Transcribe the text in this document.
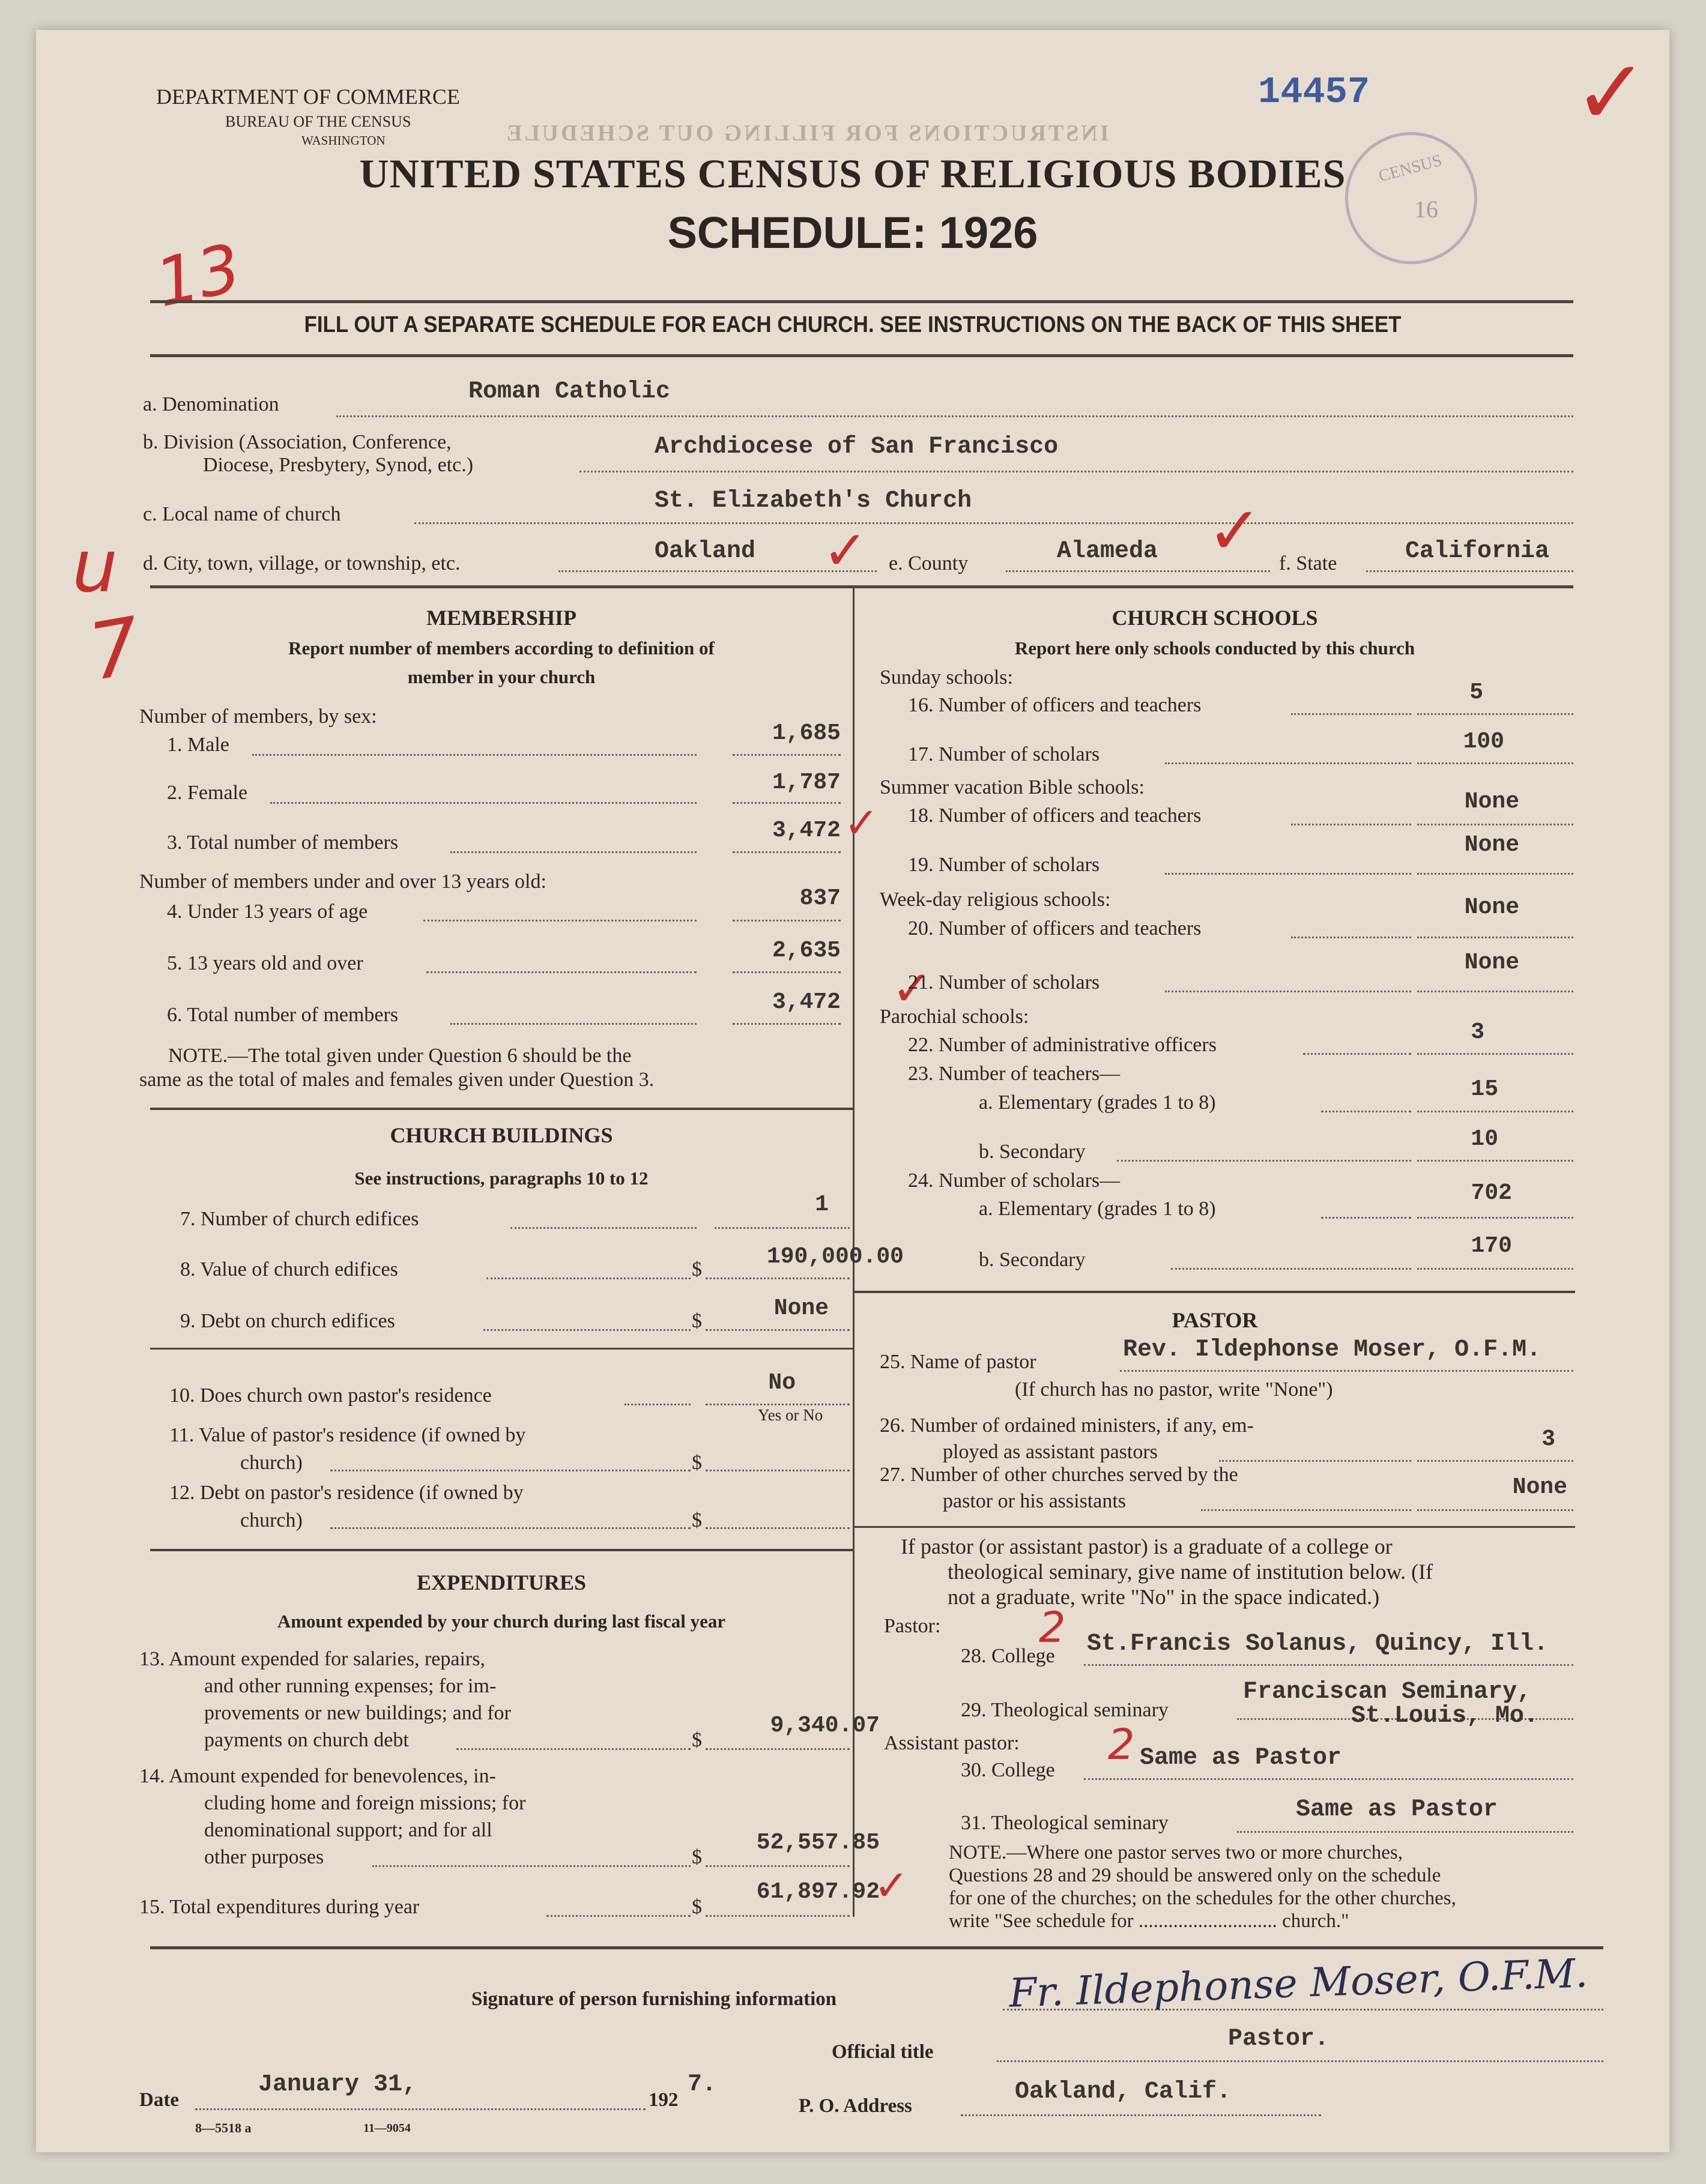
INSTRUCTIONS FOR FILLING OUT SCHEDULE
DEPARTMENT OF COMMERCE
BUREAU OF THE CENSUS
WASHINGTON
14457
CENSUS
16
✓
UNITED STATES CENSUS OF RELIGIOUS BODIES
SCHEDULE: 1926
13
FILL OUT A SEPARATE SCHEDULE FOR EACH CHURCH. SEE INSTRUCTIONS ON THE BACK OF THIS SHEET
a. Denomination	Roman Catholic
b. Division (Association, Conference,
Diocese, Presbytery, Synod, etc.)
Archdiocese of San Francisco
c. Local name of church	St. Elizabeth's Church
d. City, town, village, or township, etc.	Oakland ✓ e. County	Alameda ✓ f. State	California
u
7	MEMBERSHIP
Report number of members according to definition of
member in your church
Number of members, by sex:
1. Male	1,685
2. Female	1,787
3. Total number of members	3,472 ✓
Number of members under and over 13 years old:
4. Under 13 years of age
837
5. 13 years old and over	2,635
6. Total number of members	3,472 ✓
NOTE.—The total given under Question 6 should be the
same as the total of males and females given under Question 3.
CHURCH BUILDINGS
See instructions, paragraphs 10 to 12
7. Number of church edifices
1
8. Value of church edifices	$	190,000.00
9. Debt on church edifices	$	None
10. Does church own pastor's residence	No
Yes or No
11. Value of pastor's residence (if owned by
church)	$
12. Debt on pastor's residence (if owned by
church)	$
EXPENDITURES
Amount expended by your church during last fiscal year
13. Amount expended for salaries, repairs,
and other running expenses; for im-
provements or new buildings; and for
payments on church debt	$
9,340.07
14. Amount expended for benevolences, in-
cluding home and foreign missions; for
denominational support; and for all
other purposes	$
52,557.85
15. Total expenditures during year	$
61,897.92
✓
CHURCH SCHOOLS
Report here only schools conducted by this church
Sunday schools:
16. Number of officers and teachers	5
17. Number of scholars	100
Summer vacation Bible schools:
18. Number of officers and teachers
None
19. Number of scholars
None
Week-day religious schools:
20. Number of officers and teachers
None
21. Number of scholars
None
Parochial schools:
22. Number of administrative officers	3
23. Number of teachers—
a. Elementary (grades 1 to 8)
15
b. Secondary	10
24. Number of scholars—
a. Elementary (grades 1 to 8)
702
b. Secondary
170
PASTOR
25. Name of pastor	Rev. Ildephonse Moser, O.F.M.
(If church has no pastor, write "None")
26. Number of ordained ministers, if any, em-
ployed as assistant pastors	3
27. Number of other churches served by the
pastor or his assistants
None
If pastor (or assistant pastor) is a graduate of a college or
theological seminary, give name of institution below. (If
not a graduate, write "No" in the space indicated.)
Pastor: 2
28. College St.Francis Solanus, Quincy, Ill.
29. Theological seminary
Franciscan Seminary,
St.Louis, Mo.
Assistant pastor: 2
30. College	Same as Pastor
31. Theological seminary	Same as Pastor
NOTE.—Where one pastor serves two or more churches,
Questions 28 and 29 should be answered only on the schedule
for one of the churches; on the schedules for the other churches,
write "See schedule for ............................ church."
Signature of person furnishing information	Fr. Ildephonse Moser, O.F.M.
Official title	Pastor.
Date
January 31,
192
7.
P. O. Address
Oakland, Calif.
8—5518 a	11—9054
